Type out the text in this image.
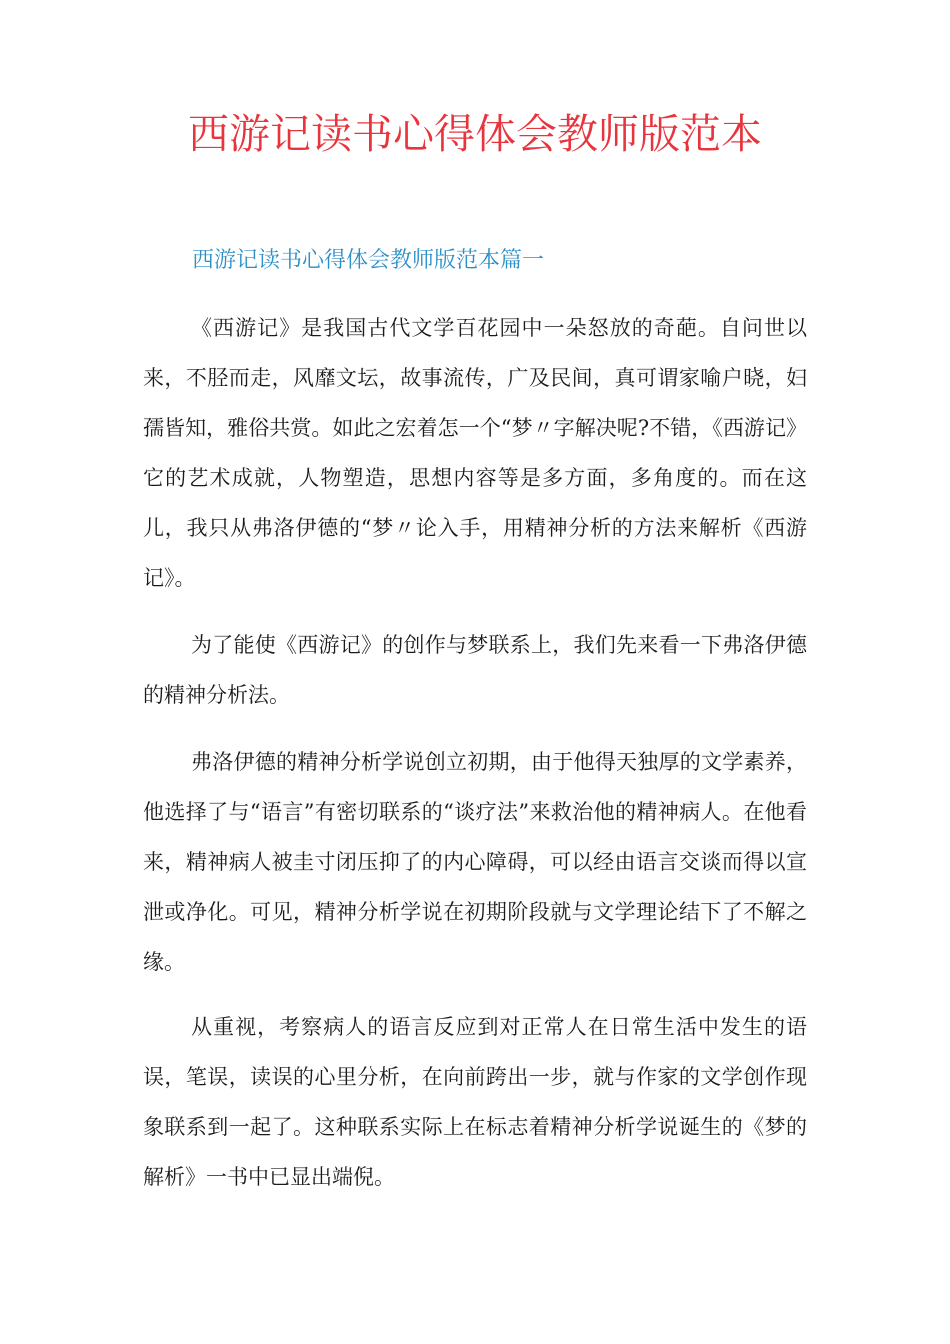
西游记读书心得体会教师版范本
西游记读书心得体会教师版范本篇一

《西游记》是我国古代文学百花园中一朵怒放的奇葩。自问世以来，不胫而走，风靡文坛，故事流传，广及民间，真可谓家喻户晓，妇孺皆知，雅俗共赏。如此之宏着怎一个“梦〃字解决呢?不错，《西游记》它的艺术成就，人物塑造，思想内容等是多方面，多角度的。而在这儿，我只从弗洛伊德的“梦〃论入手，用精神分析的方法来解析《西游记》。

为了能使《西游记》的创作与梦联系上，我们先来看一下弗洛伊德的精神分析法。

弗洛伊德的精神分析学说创立初期，由于他得天独厚的文学素养，他选择了与“语言”有密切联系的“谈疗法”来救治他的精神病人。在他看来，精神病人被圭寸闭压抑了的内心障碍，可以经由语言交谈而得以宣泄或净化。可见，精神分析学说在初期阶段就与文学理论结下了不解之缘。

从重视，考察病人的语言反应到对正常人在日常生活中发生的语误，笔误，读误的心里分析，在向前跨出一步，就与作家的文学创作现象联系到一起了。这种联系实际上在标志着精神分析学说诞生的《梦的解析》一书中已显出端倪。
